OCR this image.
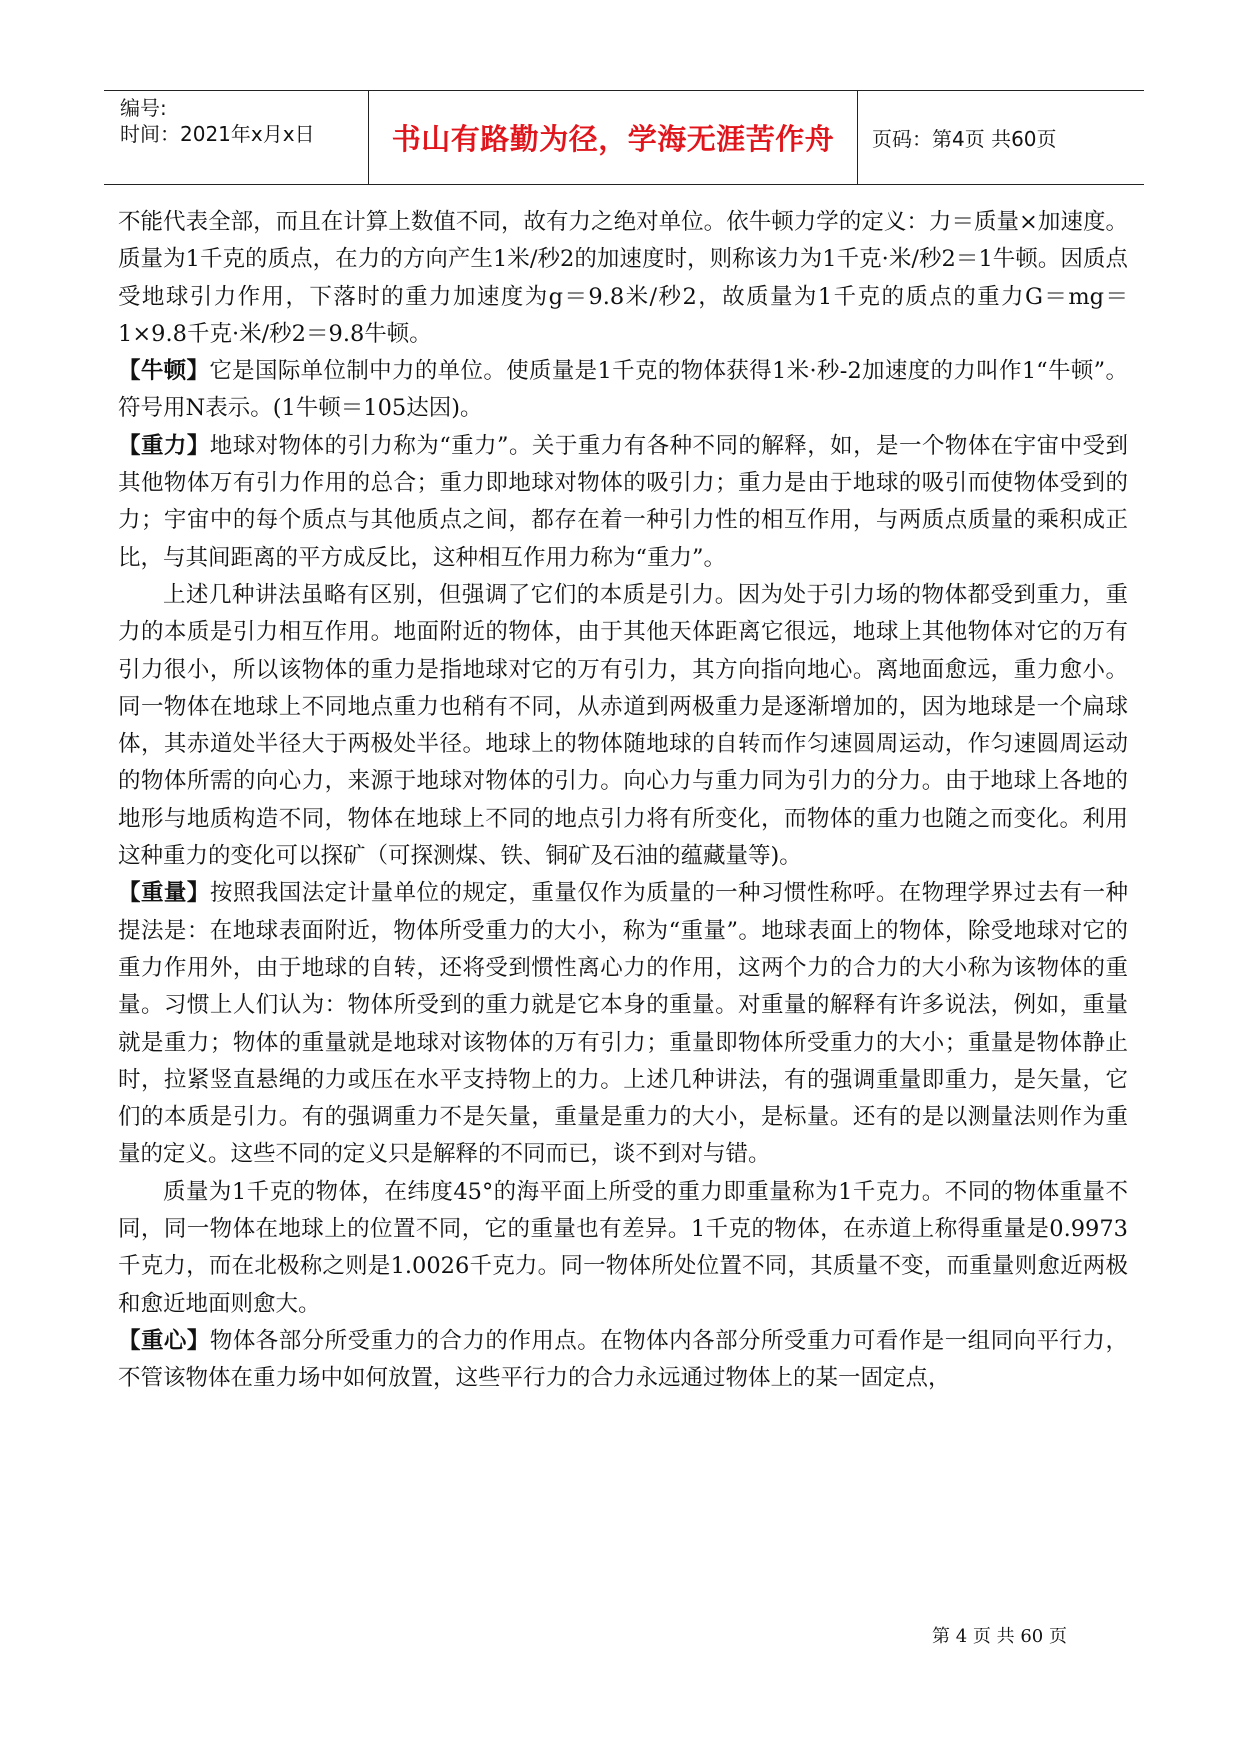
编号:
时间：2021年x月x日	书山有路勤为径，学海无涯苦作舟 页码：第4页 共60页

不能代表全部，而且在计算上数值不同，故有力之绝对单位。依牛顿力学的定义：力＝质量×加速度。质量为1千克的质点，在力的方向产生1米/秒2的加速度时，则称该力为1千克·米/秒2＝1牛顿。因质点受地球引力作用，下落时的重力加速度为g＝9.8米/秒2，故质量为1千克的质点的重力G＝mg＝1×9.8千克·米/秒2＝9.8牛顿。

【牛顿】它是国际单位制中力的单位。使质量是1千克的物体获得1米·秒-2加速度的力叫作1“牛顿”。符号用N表示。(1牛顿＝105达因)。

【重力】地球对物体的引力称为“重力”。关于重力有各种不同的解释，如，是一个物体在宇宙中受到其他物体万有引力作用的总合；重力即地球对物体的吸引力；重力是由于地球的吸引而使物体受到的力；宇宙中的每个质点与其他质点之间，都存在着一种引力性的相互作用，与两质点质量的乘积成正比，与其间距离的平方成反比，这种相互作用力称为“重力”。

上述几种讲法虽略有区别，但强调了它们的本质是引力。因为处于引力场的物体都受到重力，重力的本质是引力相互作用。地面附近的物体，由于其他天体距离它很远，地球上其他物体对它的万有引力很小，所以该物体的重力是指地球对它的万有引力，其方向指向地心。离地面愈远，重力愈小。同一物体在地球上不同地点重力也稍有不同，从赤道到两极重力是逐渐增加的，因为地球是一个扁球体，其赤道处半径大于两极处半径。地球上的物体随地球的自转而作匀速圆周运动，作匀速圆周运动的物体所需的向心力，来源于地球对物体的引力。向心力与重力同为引力的分力。由于地球上各地的地形与地质构造不同，物体在地球上不同的地点引力将有所变化，而物体的重力也随之而变化。利用这种重力的变化可以探矿（可探测煤、铁、铜矿及石油的蕴藏量等)。

【重量】按照我国法定计量单位的规定，重量仅作为质量的一种习惯性称呼。在物理学界过去有一种提法是：在地球表面附近，物体所受重力的大小，称为“重量”。地球表面上的物体，除受地球对它的重力作用外，由于地球的自转，还将受到惯性离心力的作用，这两个力的合力的大小称为该物体的重量。习惯上人们认为：物体所受到的重力就是它本身的重量。对重量的解释有许多说法，例如，重量就是重力；物体的重量就是地球对该物体的万有引力；重量即物体所受重力的大小；重量是物体静止时，拉紧竖直悬绳的力或压在水平支持物上的力。上述几种讲法，有的强调重量即重力，是矢量，它们的本质是引力。有的强调重力不是矢量，重量是重力的大小，是标量。还有的是以测量法则作为重量的定义。这些不同的定义只是解释的不同而已，谈不到对与错。

质量为1千克的物体，在纬度45°的海平面上所受的重力即重量称为1千克力。不同的物体重量不同，同一物体在地球上的位置不同，它的重量也有差异。1千克的物体，在赤道上称得重量是0.9973千克力，而在北极称之则是1.0026千克力。同一物体所处位置不同，其质量不变，而重量则愈近两极和愈近地面则愈大。

【重心】物体各部分所受重力的合力的作用点。在物体内各部分所受重力可看作是一组同向平行力，不管该物体在重力场中如何放置，这些平行力的合力永远通过物体上的某一固定点，

第 4 页 共 60 页
